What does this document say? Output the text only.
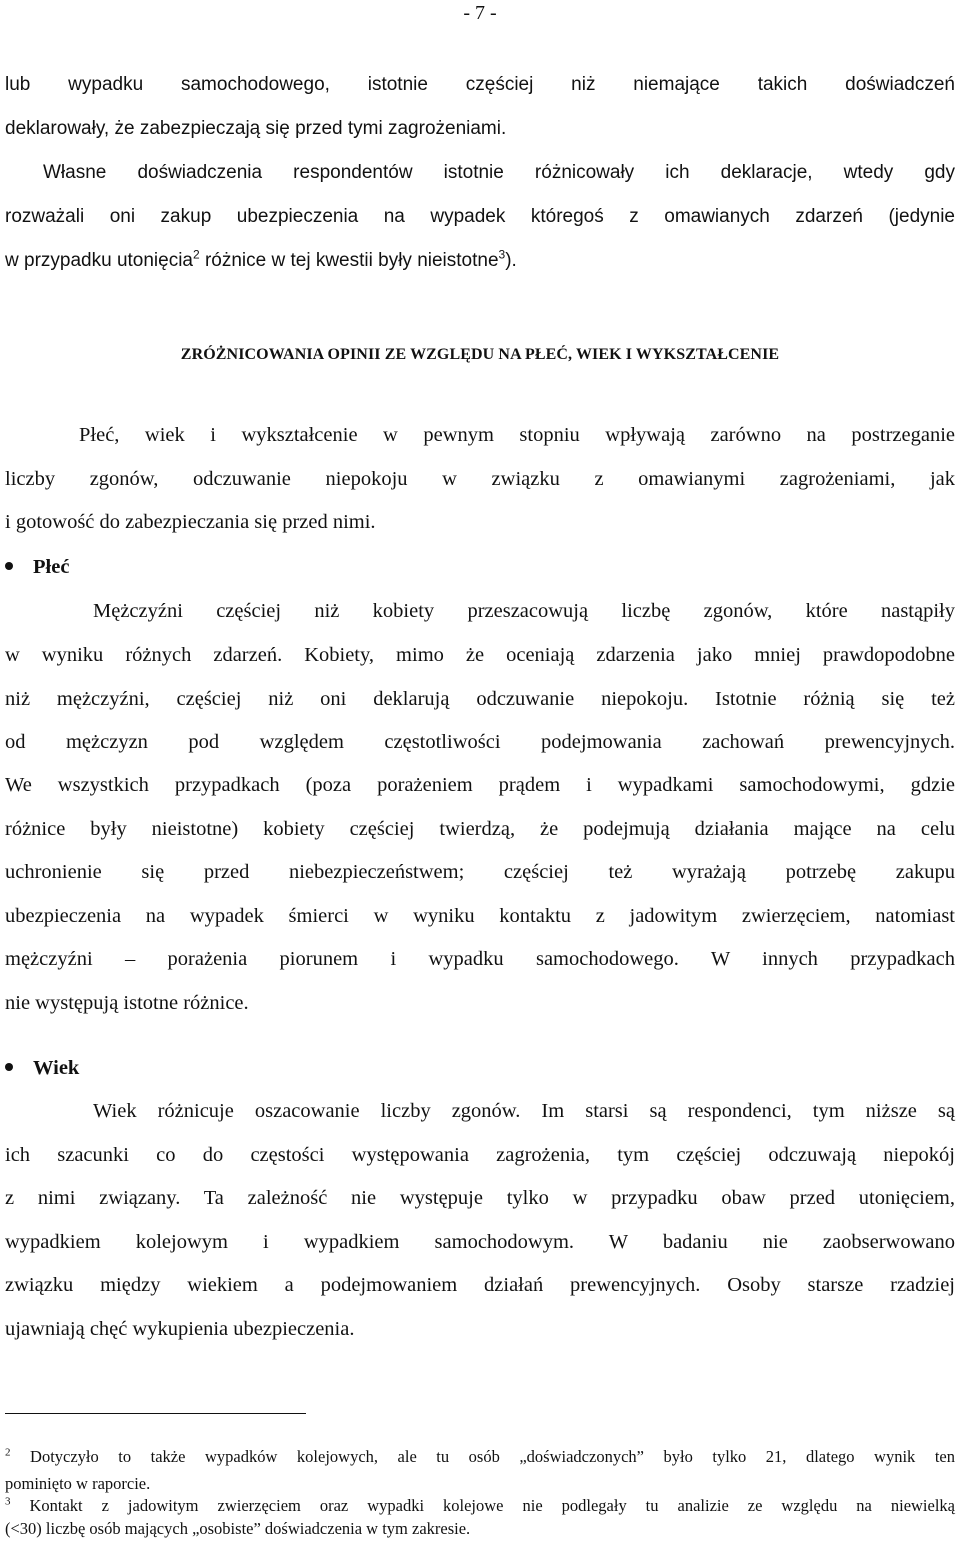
- 7 -
lub wypadku samochodowego, istotnie częściej niż niemające takich doświadczeń
deklarowały, że zabezpieczają się przed tymi zagrożeniami.
Własne doświadczenia respondentów istotnie różnicowały ich deklaracje, wtedy gdy
rozważali oni zakup ubezpieczenia na wypadek któregoś z omawianych zdarzeń (jedynie
w przypadku utonięcia$^2$ różnice w tej kwestii były nieistotne$^3$).
ZRÓŻNICOWANIA OPINII ZE WZGLĘDU NA PŁEĆ, WIEK I WYKSZTAŁCENIE
Płeć, wiek i wykształcenie w pewnym stopniu wpływają zarówno na postrzeganie
liczby zgonów, odczuwanie niepokoju w związku z omawianymi zagrożeniami, jak
i gotowość do zabezpieczania się przed nimi.
Płeć
Mężczyźni częściej niż kobiety przeszacowują liczbę zgonów, które nastąpiły
w wyniku różnych zdarzeń. Kobiety, mimo że oceniają zdarzenia jako mniej prawdopodobne
niż mężczyźni, częściej niż oni deklarują odczuwanie niepokoju. Istotnie różnią się też
od mężczyzn pod względem częstotliwości podejmowania zachowań prewencyjnych.
We wszystkich przypadkach (poza porażeniem prądem i wypadkami samochodowymi, gdzie
różnice były nieistotne) kobiety częściej twierdzą, że podejmują działania mające na celu
uchronienie się przed niebezpieczeństwem; częściej też wyrażają potrzebę zakupu
ubezpieczenia na wypadek śmierci w wyniku kontaktu z jadowitym zwierzęciem, natomiast
mężczyźni – porażenia piorunem i wypadku samochodowego. W innych przypadkach
nie występują istotne różnice.
Wiek
Wiek różnicuje oszacowanie liczby zgonów. Im starsi są respondenci, tym niższe są
ich szacunki co do częstości występowania zagrożenia, tym częściej odczuwają niepokój
z nimi związany. Ta zależność nie występuje tylko w przypadku obaw przed utonięciem,
wypadkiem kolejowym i wypadkiem samochodowym. W badaniu nie zaobserwowano
związku między wiekiem a podejmowaniem działań prewencyjnych. Osoby starsze rzadziej
ujawniają chęć wykupienia ubezpieczenia.
$^2$ Dotyczyło to także wypadków kolejowych, ale tu osób „doświadczonych” było tylko 21, dlatego wynik ten
pominięto w raporcie.
$^3$ Kontakt z jadowitym zwierzęciem oraz wypadki kolejowe nie podlegały tu analizie ze względu na niewielką
(<30) liczbę osób mających „osobiste” doświadczenia w tym zakresie.
